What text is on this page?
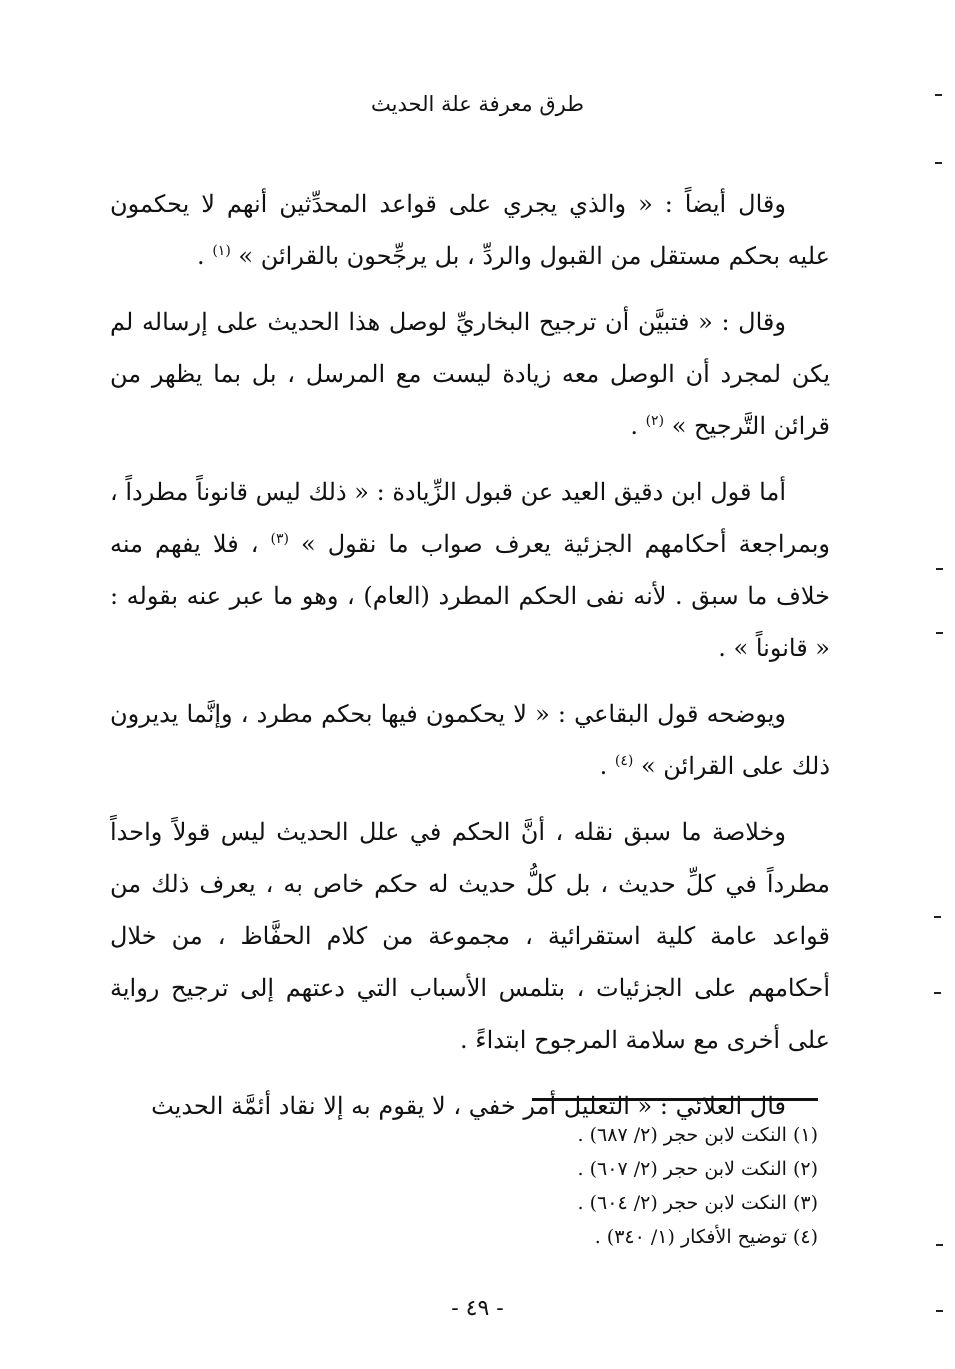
طرق معرفة علة الحديث

وقال أيضاً : « والذي يجري على قواعد المحدِّثين أنهم لا يحكمون عليه بحكم مستقل من القبول والردِّ ، بل يرجِّحون بالقرائن » $^{(١)}$ .

وقال : « فتبيَّن أن ترجيح البخاريِّ لوصل هذا الحديث على إرساله لم يكن لمجرد أن الوصل معه زيادة ليست مع المرسل ، بل بما يظهر من قرائن التَّرجيح » $^{(٢)}$ .

أما قول ابن دقيق العيد عن قبول الزِّيادة : « ذلك ليس قانوناً مطرداً ، وبمراجعة أحكامهم الجزئية يعرف صواب ما نقول » $^{(٣)}$ ، فلا يفهم منه خلاف ما سبق . لأنه نفى الحكم المطرد (العام) ، وهو ما عبر عنه بقوله : « قانوناً » .

ويوضحه قول البقاعي : « لا يحكمون فيها بحكم مطرد ، وإنَّما يديرون ذلك على القرائن » $^{(٤)}$ .

وخلاصة ما سبق نقله ، أنَّ الحكم في علل الحديث ليس قولاً واحداً مطرداً في كلِّ حديث ، بل كلُّ حديث له حكم خاص به ، يعرف ذلك من قواعد عامة كلية استقرائية ، مجموعة من كلام الحفَّاظ ، من خلال أحكامهم على الجزئيات ، بتلمس الأسباب التي دعتهم إلى ترجيح رواية على أخرى مع سلامة المرجوح ابتداءً .

قال العلائي : « التعليل أمر خفي ، لا يقوم به إلا نقاد أئمَّة الحديث

(١) النكت لابن حجر (٢/ ٦٨٧) .
(٢) النكت لابن حجر (٢/ ٦٠٧) .
(٣) النكت لابن حجر (٢/ ٦٠٤) .
(٤) توضيح الأفكار (١/ ٣٤٠) .
- ٤٩ -
